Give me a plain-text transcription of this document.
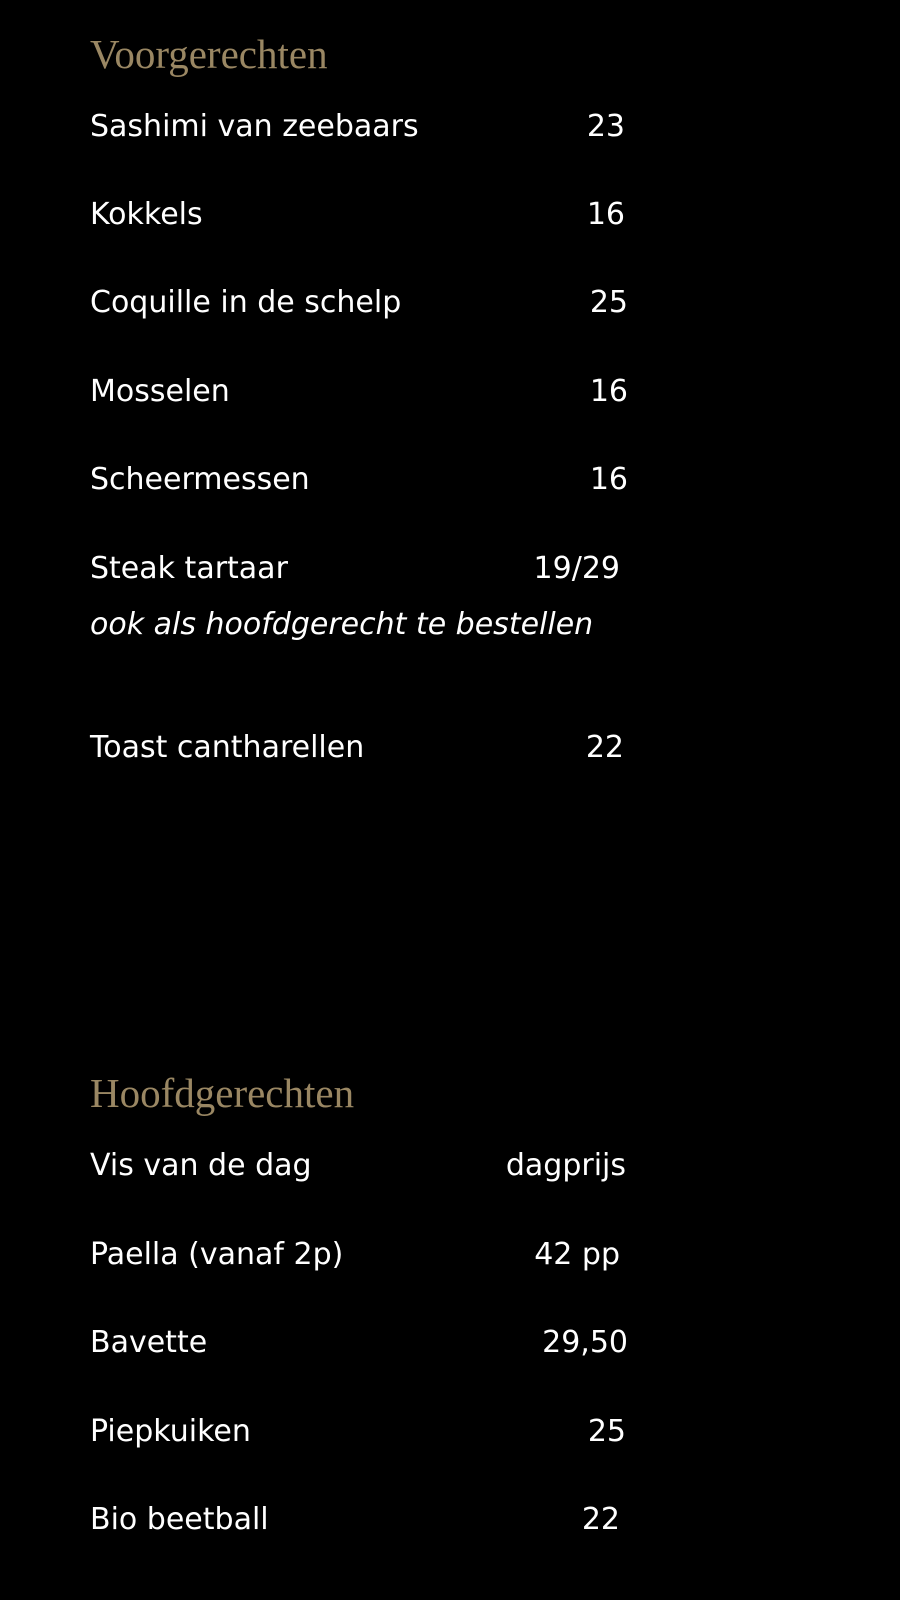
Voorgerechten
Sashimi van zeebaars	23
Kokkels	16
Coquille in de schelp	25
Mosselen	16
Scheermessen	16
Steak tartaar	19/29
ook als hoofdgerecht te bestellen
Toast cantharellen	22
Hoofdgerechten
Vis van de dag	dagprijs
Paella (vanaf 2p)	42 pp
Bavette	29,50
Piepkuiken	25
Bio beetball	22
